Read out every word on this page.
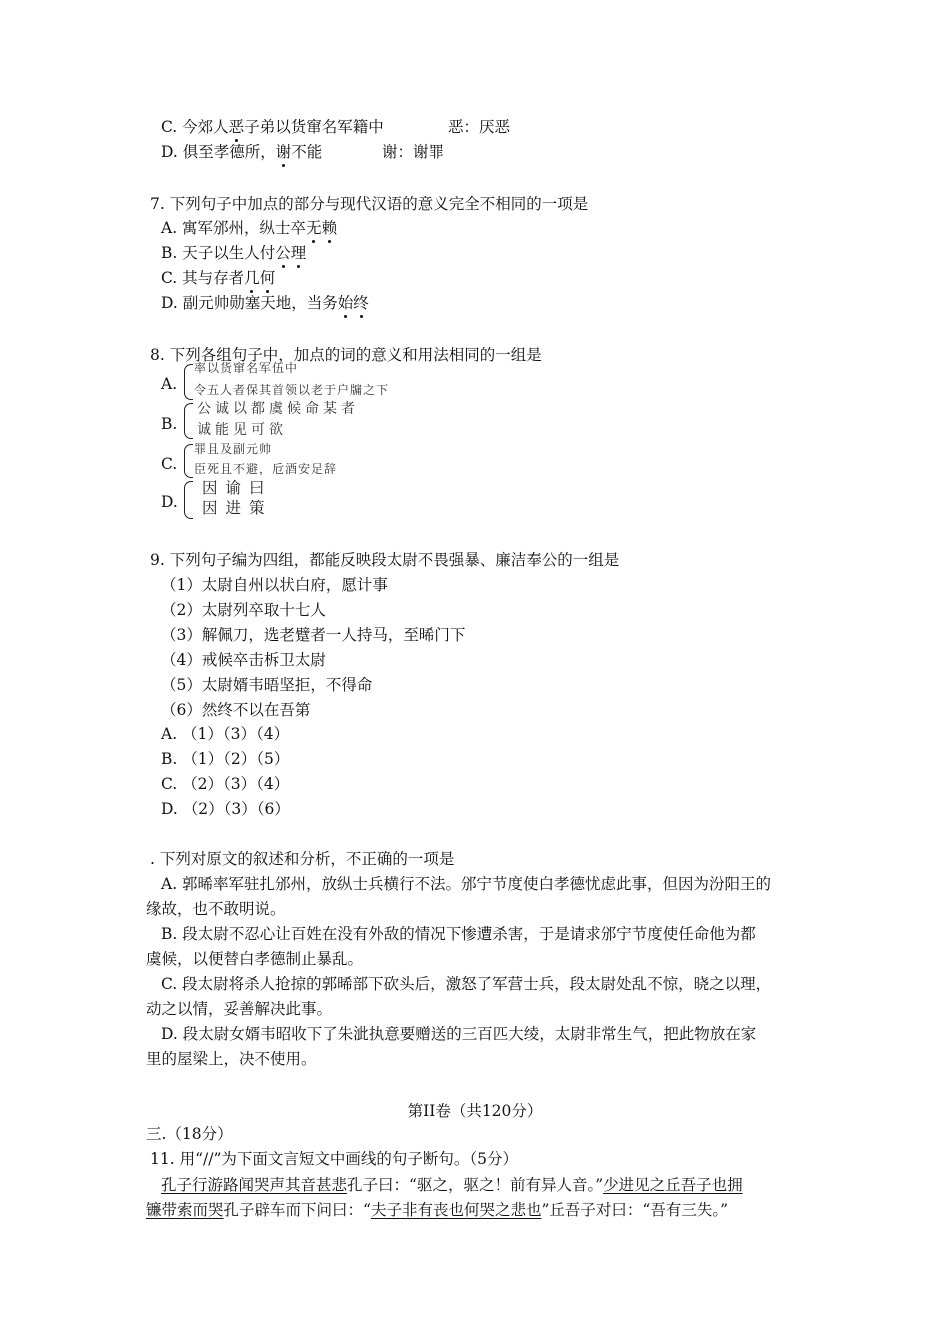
C. 今郊人恶子弟以货窜名军籍中	恶：厌恶
D. 俱至孝德所，谢不能	谢：谢罪
7. 下列句子中加点的部分与现代汉语的意义完全不相同的一项是
A. 寓军邠州，纵士卒无赖
B. 天子以生人付公理
C. 其与存者几何
D. 副元帅勋塞天地，当务始终
8. 下列各组句子中，加点的词的意义和用法相同的一组是
A.
率以货窜名军伍中
令五人者保其首领以老于户牖之下
B.
公诚以都虞候命某者
诚能见可欲
C.
罪且及副元帅
臣死且不避，卮酒安足辞
D.
因谕曰
因进策
9. 下列句子编为四组，都能反映段太尉不畏强暴、廉洁奉公的一组是
（1）太尉自州以状白府，愿计事
（2）太尉列卒取十七人
（3）解佩刀，选老躄者一人持马，至晞门下
（4）戒候卒击柝卫太尉
（5）太尉婿韦晤坚拒，不得命
（6）然终不以在吾第
A. （1）（3）（4）
B. （1）（2）（5）
C. （2）（3）（4）
D. （2）（3）（6）
. 下列对原文的叙述和分析，不正确的一项是
A. 郭晞率军驻扎邠州，放纵士兵横行不法。邠宁节度使白孝德忧虑此事，但因为汾阳王的
缘故，也不敢明说。
B. 段太尉不忍心让百姓在没有外敌的情况下惨遭杀害，于是请求邠宁节度使任命他为都
虞候，以便替白孝德制止暴乱。
C. 段太尉将杀人抢掠的郭晞部下砍头后，激怒了军营士兵，段太尉处乱不惊，晓之以理，
动之以情，妥善解决此事。
D. 段太尉女婿韦昭收下了朱泚执意要赠送的三百匹大绫，太尉非常生气，把此物放在家
里的屋梁上，决不使用。
第II卷（共120分）
三.（18分）
11. 用“//”为下面文言短文中画线的句子断句。（5分）
孔子行游路闻哭声其音甚悲孔子曰：“驱之，驱之！前有异人音。”少进见之丘吾子也拥
镰带索而哭孔子辟车而下问曰：“夫子非有丧也何哭之悲也”丘吾子对曰：“吾有三失。”
